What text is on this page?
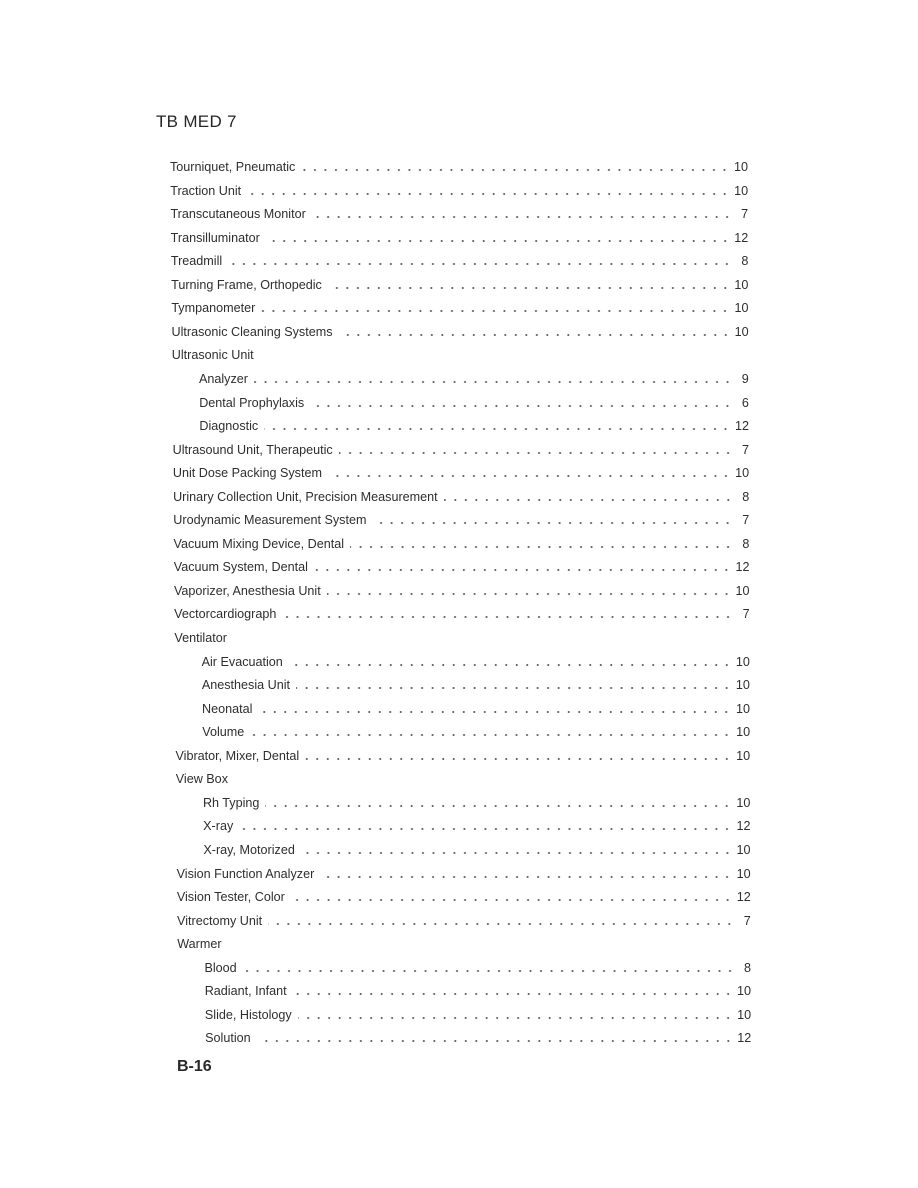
TB MED 7
Tourniquet, Pneumatic	10
Traction Unit	10
Transcutaneous Monitor	7
Transilluminator	12
Treadmill	8
Turning Frame, Orthopedic	10
Tympanometer	10
Ultrasonic Cleaning Systems	10
Ultrasonic Unit
Analyzer	9
Dental Prophylaxis	6
Diagnostic	12
Ultrasound Unit, Therapeutic	7
Unit Dose Packing System	10
Urinary Collection Unit, Precision Measurement	8
Urodynamic Measurement System	7
Vacuum Mixing Device, Dental	8
Vacuum System, Dental	12
Vaporizer, Anesthesia Unit	10
Vectorcardiograph	7
Ventilator
Air Evacuation	10
Anesthesia Unit	10
Neonatal	10
Volume	10
Vibrator, Mixer, Dental	10
View Box
Rh Typing	10
X-ray	12
X-ray, Motorized	10
Vision Function Analyzer	10
Vision Tester, Color	12
Vitrectomy Unit	7
Warmer
Blood	8
Radiant, Infant	10
Slide, Histology	10
Solution	12
B-16
